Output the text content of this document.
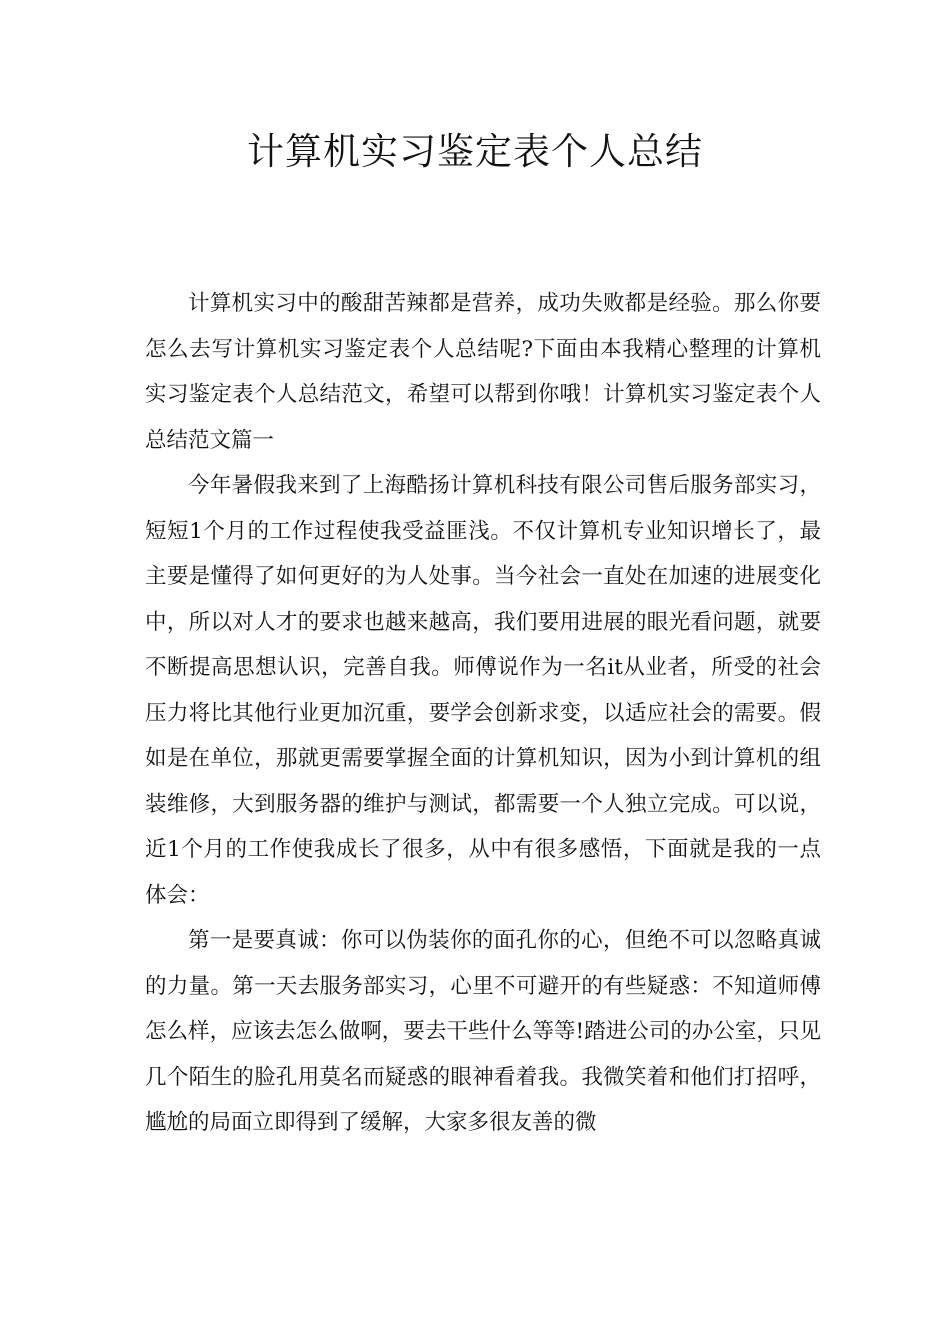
计算机实习鉴定表个人总结

计算机实习中的酸甜苦辣都是营养，成功失败都是经验。那么你要怎么去写计算机实习鉴定表个人总结呢?下面由本我精心整理的计算机实习鉴定表个人总结范文，希望可以帮到你哦！计算机实习鉴定表个人总结范文篇一

今年暑假我来到了上海酷扬计算机科技有限公司售后服务部实习，短短1个月的工作过程使我受益匪浅。不仅计算机专业知识增长了，最主要是懂得了如何更好的为人处事。当今社会一直处在加速的进展变化中，所以对人才的要求也越来越高，我们要用进展的眼光看问题，就要不断提高思想认识，完善自我。师傅说作为一名it从业者，所受的社会压力将比其他行业更加沉重，要学会创新求变，以适应社会的需要。假如是在单位，那就更需要掌握全面的计算机知识，因为小到计算机的组装维修，大到服务器的维护与测试，都需要一个人独立完成。可以说，近1个月的工作使我成长了很多，从中有很多感悟，下面就是我的一点体会：

第一是要真诚：你可以伪装你的面孔你的心，但绝不可以忽略真诚的力量。第一天去服务部实习，心里不可避开的有些疑惑：不知道师傅怎么样，应该去怎么做啊，要去干些什么等等!踏进公司的办公室，只见几个陌生的脸孔用莫名而疑惑的眼神看着我。我微笑着和他们打招呼，尴尬的局面立即得到了缓解，大家多很友善的微
